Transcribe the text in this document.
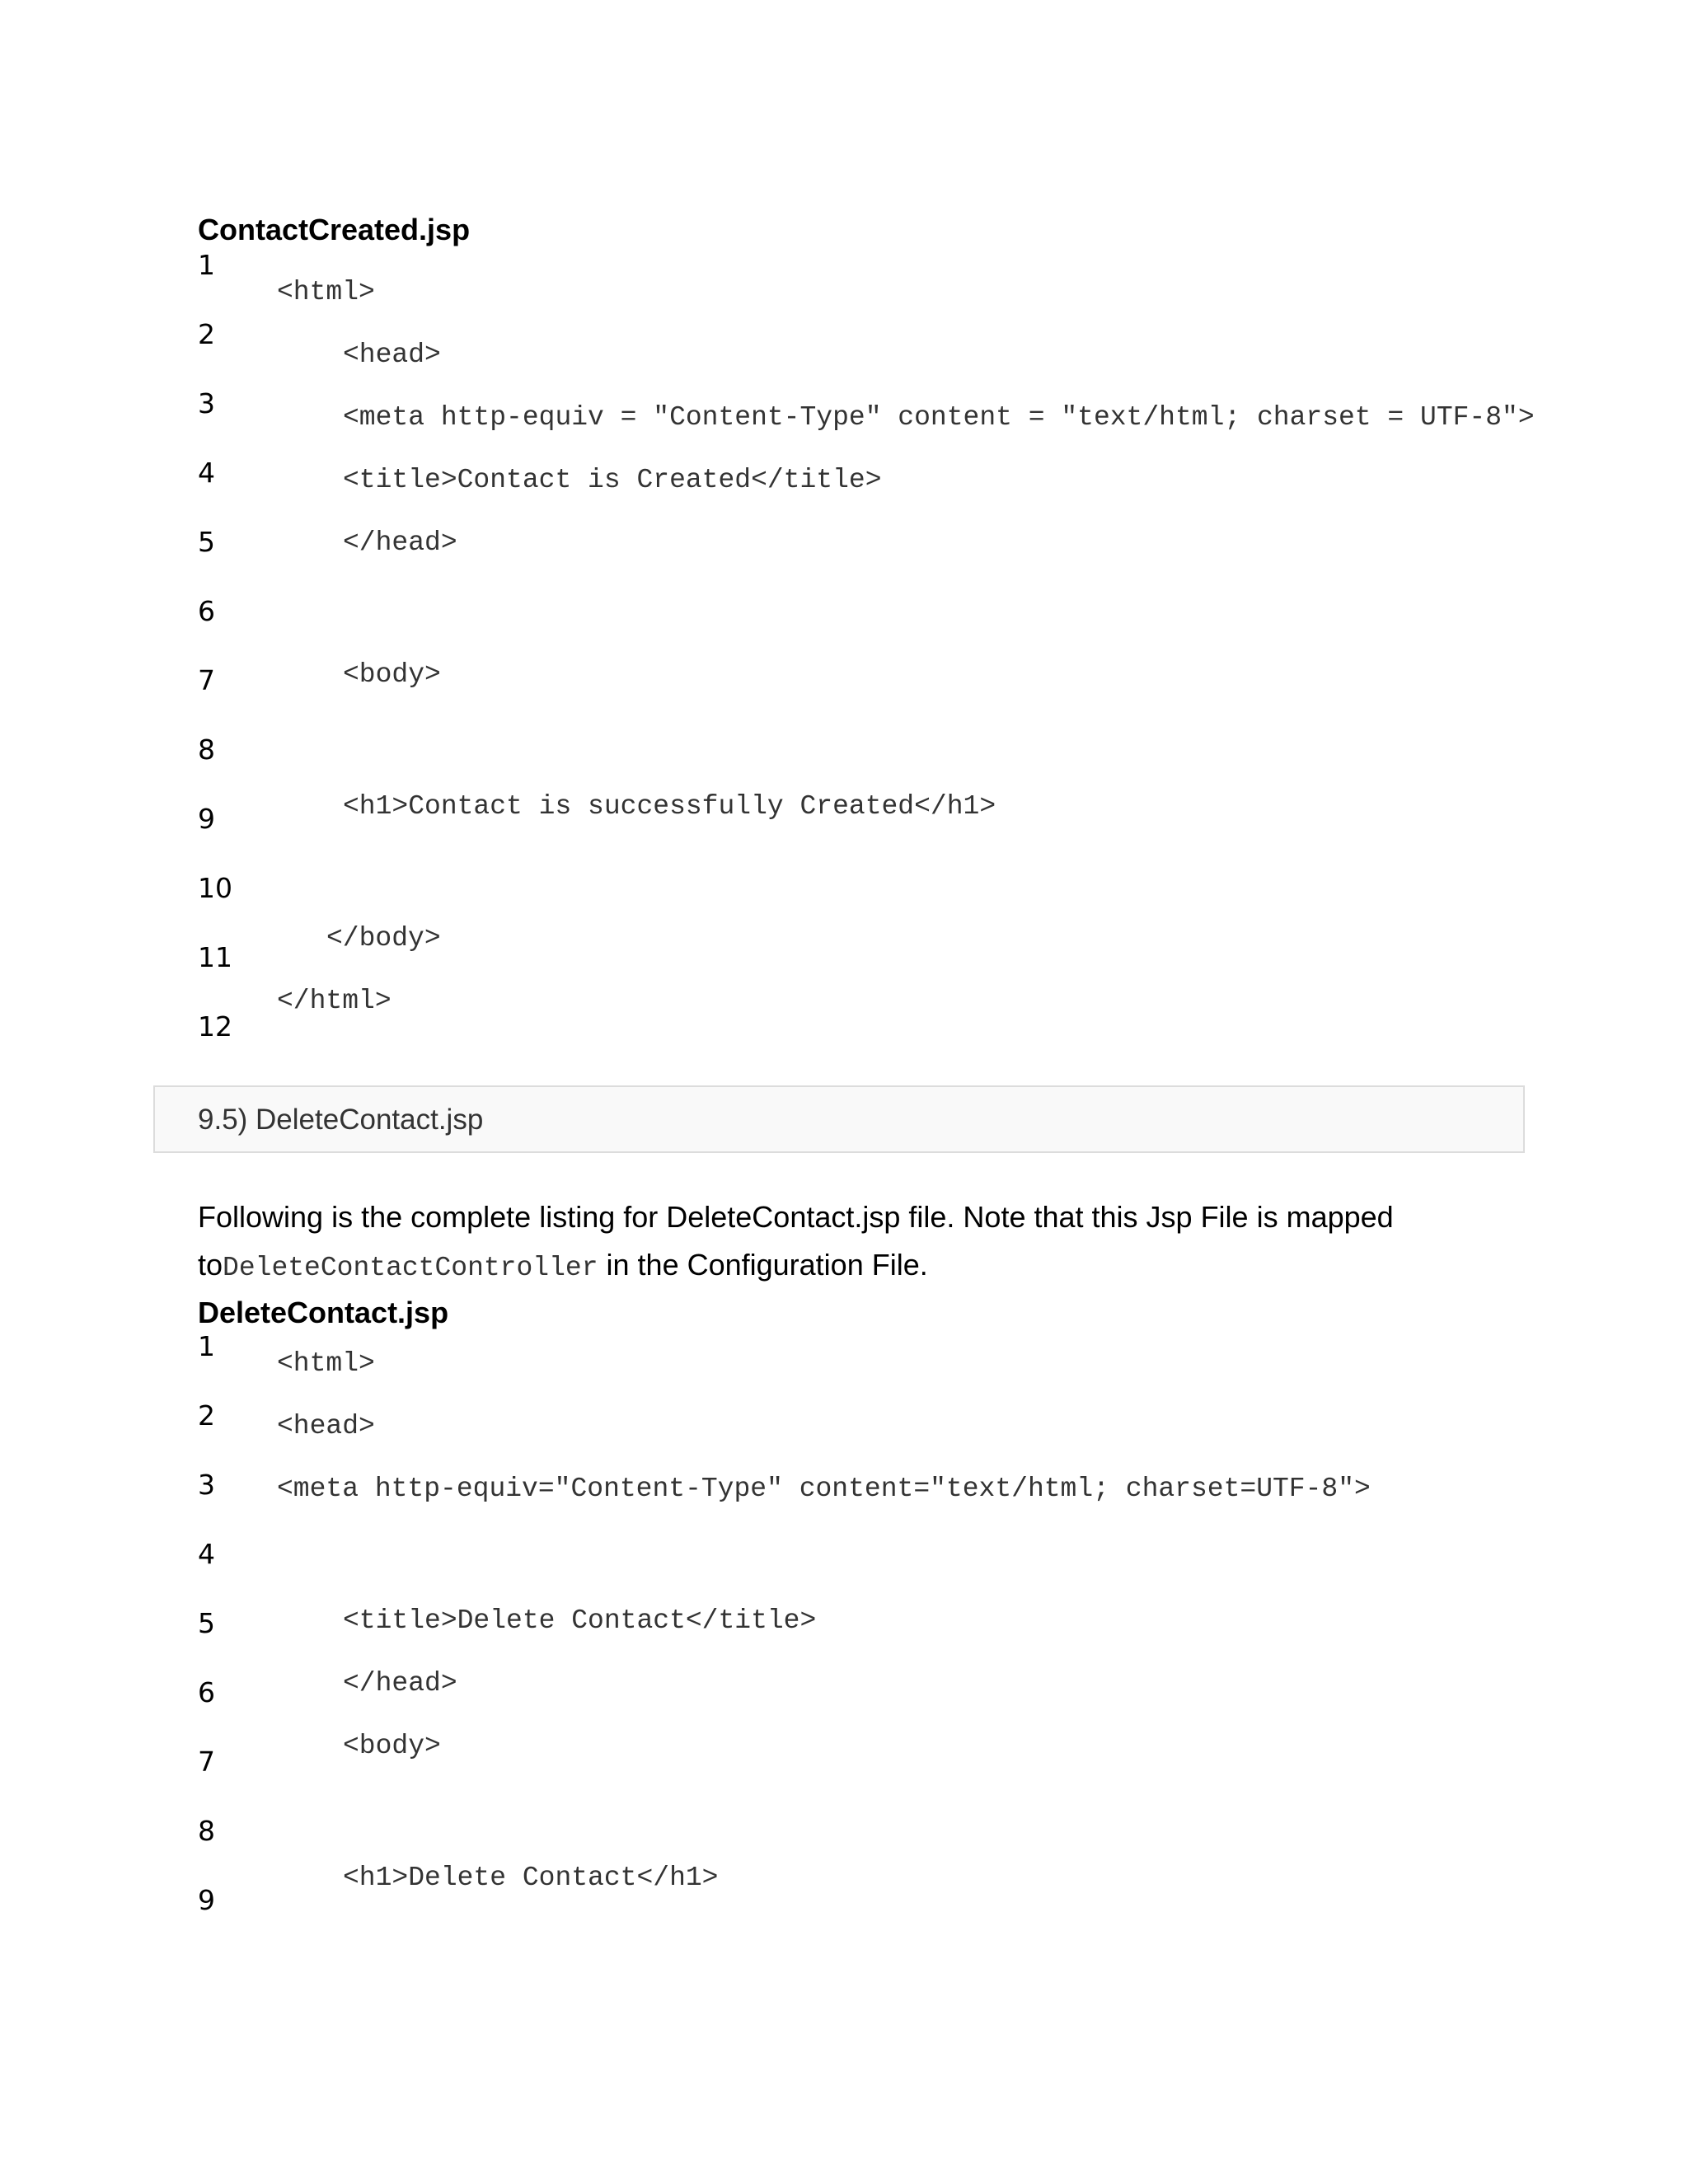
ContactCreated.jsp
1
2
3
4
5
6
7
8
9
10
11
12
<html>
<head>
<meta http-equiv = "Content-Type" content = "text/html; charset = UTF-8">
<title>Contact is Created</title>
</head>
<body>
<h1>Contact is successfully Created</h1>
</body>
</html>
9.5) DeleteContact.jsp
Following is the complete listing for DeleteContact.jsp file. Note that this Jsp File is mapped
toDeleteContactController in the Configuration File.
DeleteContact.jsp
1
2
3
4
5
6
7
8
9
<html>
<head>
<meta http-equiv="Content-Type" content="text/html; charset=UTF-8">
<title>Delete Contact</title>
</head>
<body>
<h1>Delete Contact</h1>
